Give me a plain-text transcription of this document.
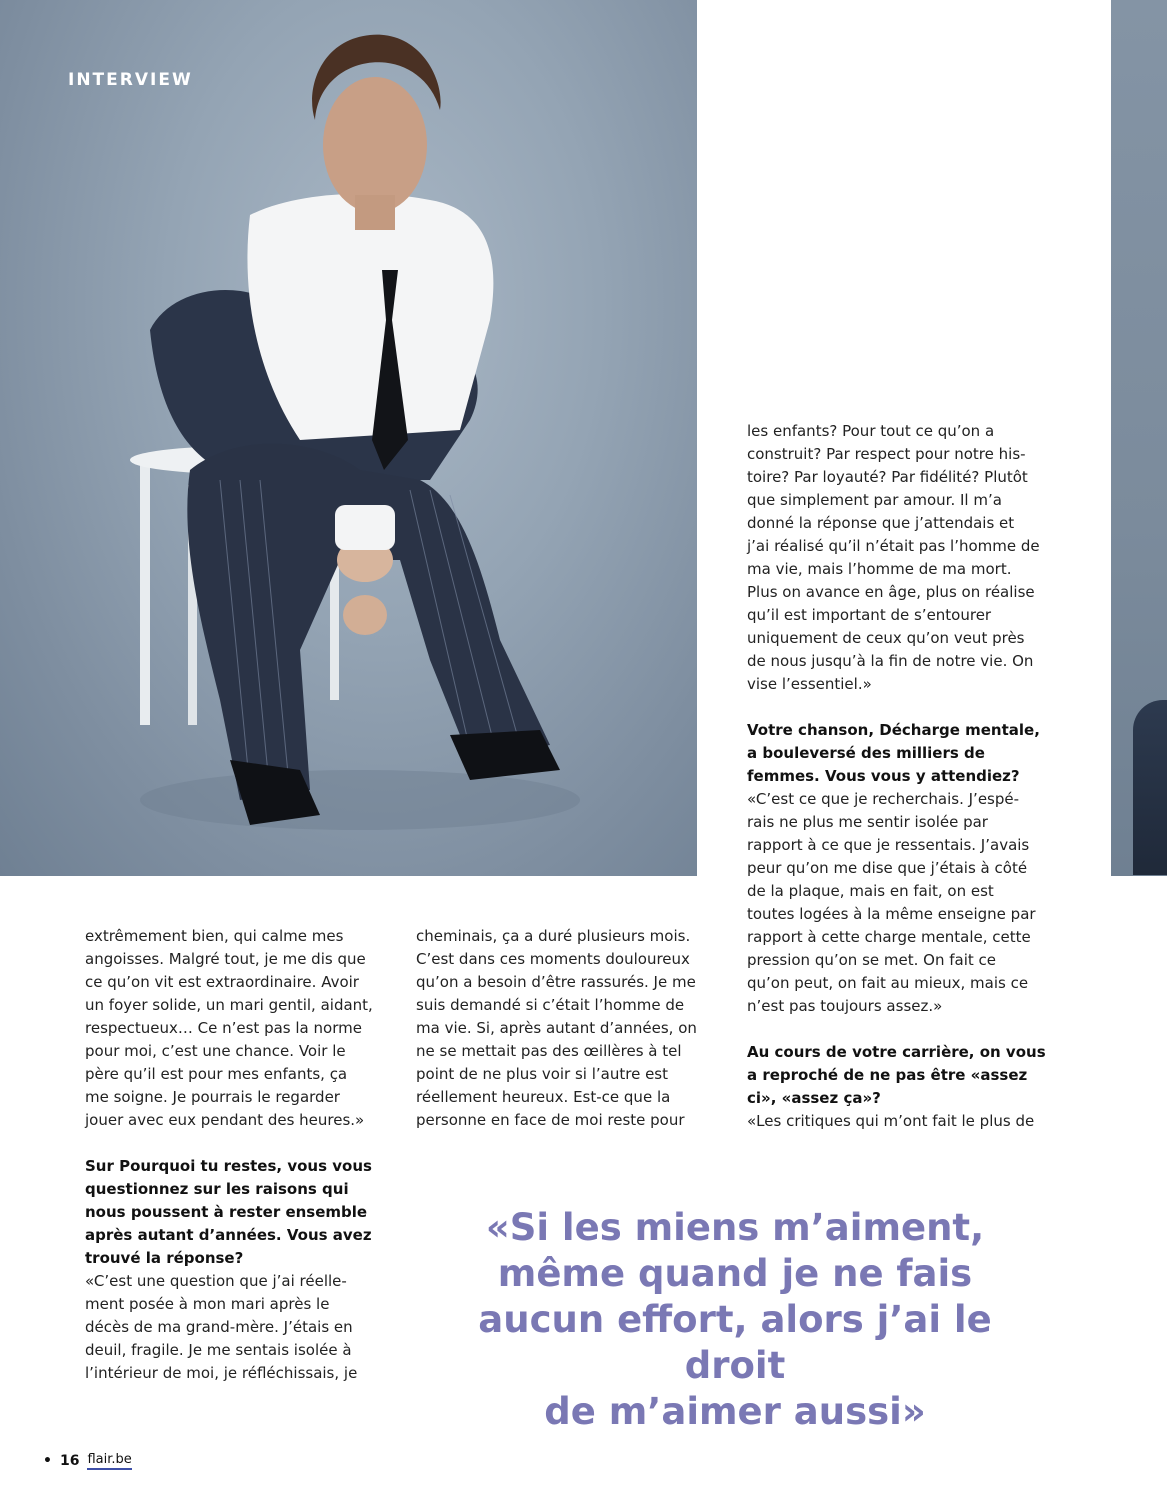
INTERVIEW

extrêmement bien, qui calme mes

angoisses. Malgré tout, je me dis que

ce qu’on vit est extraordinaire. Avoir

un foyer solide, un mari gentil, aidant,

respectueux… Ce n’est pas la norme

pour moi, c’est une chance. Voir le

père qu’il est pour mes enfants, ça

me soigne. Je pourrais le regarder

jouer avec eux pendant des heures.»

Sur Pourquoi tu restes, vous vous

questionnez sur les raisons qui

nous poussent à rester ensemble

après autant d’années. Vous avez

trouvé la réponse?

«C’est une question que j’ai réelle-

ment posée à mon mari après le

décès de ma grand-mère. J’étais en

deuil, fragile. Je me sentais isolée à

l’intérieur de moi, je réfléchissais, je

cheminais, ça a duré plusieurs mois.

C’est dans ces moments douloureux

qu’on a besoin d’être rassurés. Je me

suis demandé si c’était l’homme de

ma vie. Si, après autant d’années, on

ne se mettait pas des œillères à tel

point de ne plus voir si l’autre est

réellement heureux. Est-ce que la

personne en face de moi reste pour

les enfants? Pour tout ce qu’on a

construit? Par respect pour notre his-

toire? Par loyauté? Par fidélité? Plutôt

que simplement par amour. Il m’a

donné la réponse que j’attendais et

j’ai réalisé qu’il n’était pas l’homme de

ma vie, mais l’homme de ma mort.

Plus on avance en âge, plus on réalise

qu’il est important de s’entourer

uniquement de ceux qu’on veut près

de nous jusqu’à la fin de notre vie. On

vise l’essentiel.»

Votre chanson, Décharge mentale,

a bouleversé des milliers de

femmes. Vous vous y attendiez?

«C’est ce que je recherchais. J’espé-

rais ne plus me sentir isolée par

rapport à ce que je ressentais. J’avais

peur qu’on me dise que j’étais à côté

de la plaque, mais en fait, on est

toutes logées à la même enseigne par

rapport à cette charge mentale, cette

pression qu’on se met. On fait ce

qu’on peut, on fait au mieux, mais ce

n’est pas toujours assez.»

Au cours de votre carrière, on vous

a reproché de ne pas être «assez

ci», «assez ça»?

«Les critiques qui m’ont fait le plus de

«Si les miens m’aiment,
même quand je ne fais
aucun effort, alors j’ai le droit
de m’aimer aussi»
• 16 flair.be
